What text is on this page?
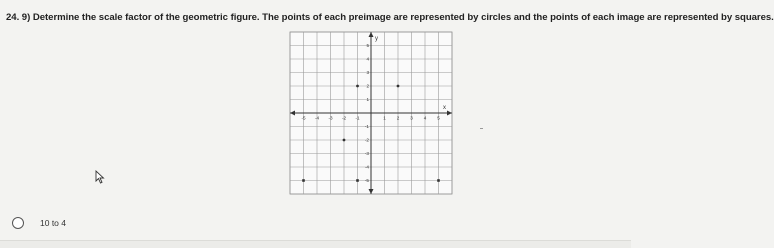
24. 9) Determine the scale factor of the geometric figure. The points of each preimage are represented by circles and the points of each image are represented by squares.
y
x
-5 -4 -3 -2 -1	1 2 3 4 5
5
4
3
2
1
-1
-2
-3
-4
-5
10 to 4
